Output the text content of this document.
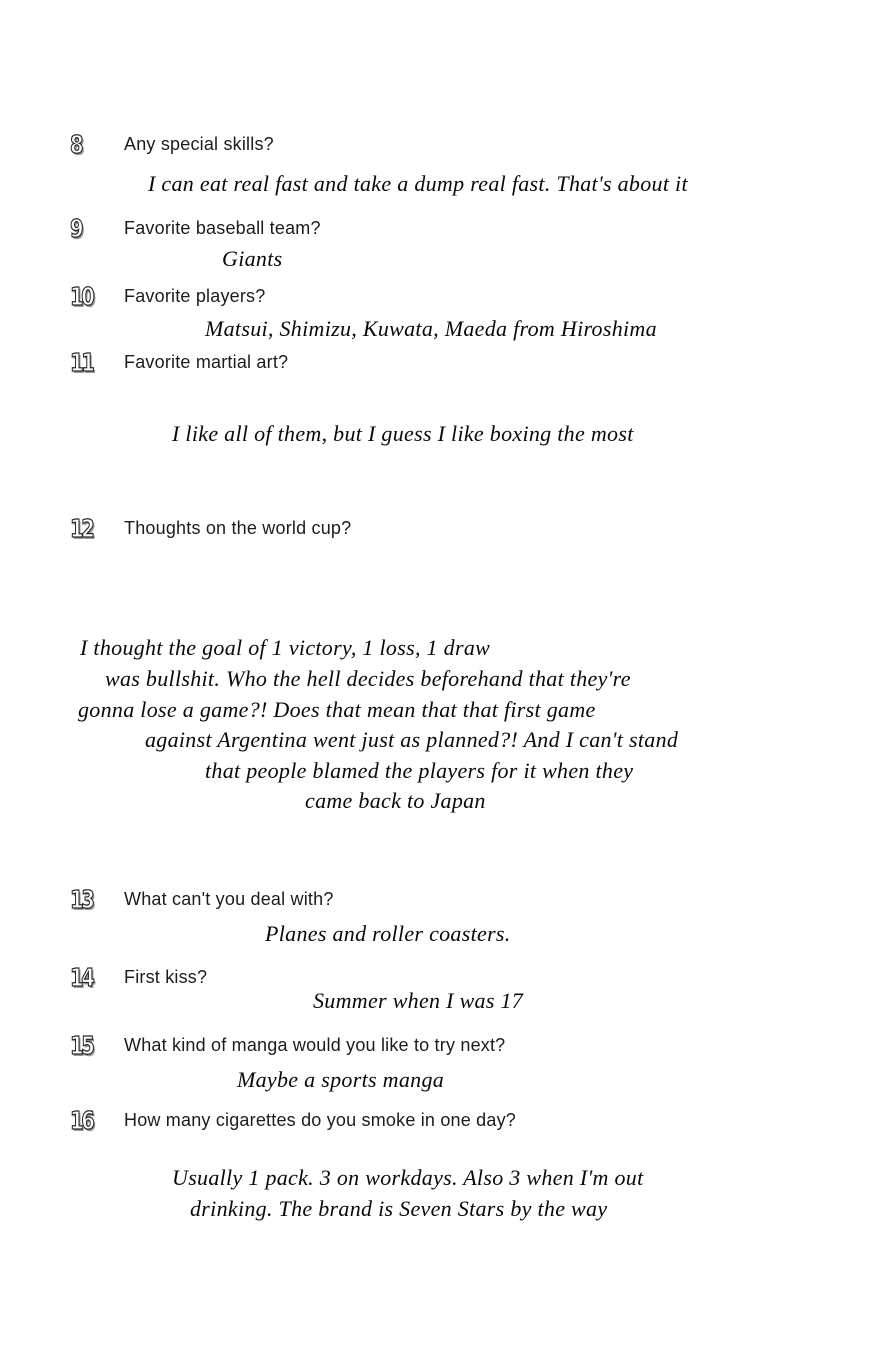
8	Any special skills?
I can eat real fast and take a dump real fast. That's about it
9	Favorite baseball team?
Giants
10	Favorite players?
Matsui, Shimizu, Kuwata, Maeda from Hiroshima
11	Favorite martial art?
I like all of them, but I guess I like boxing the most
12	Thoughts on the world cup?
I thought the goal of 1 victory, 1 loss, 1 draw
was bullshit. Who the hell decides beforehand that they're
gonna lose a game?! Does that mean that that first game
against Argentina went just as planned?! And I can't stand
that people blamed the players for it when they
came back to Japan
13	What can't you deal with?
Planes and roller coasters.
14	First kiss?
Summer when I was 17
15	What kind of manga would you like to try next?
Maybe a sports manga
16	How many cigarettes do you smoke in one day?
Usually 1 pack. 3 on workdays. Also 3 when I'm out
drinking. The brand is Seven Stars by the way
